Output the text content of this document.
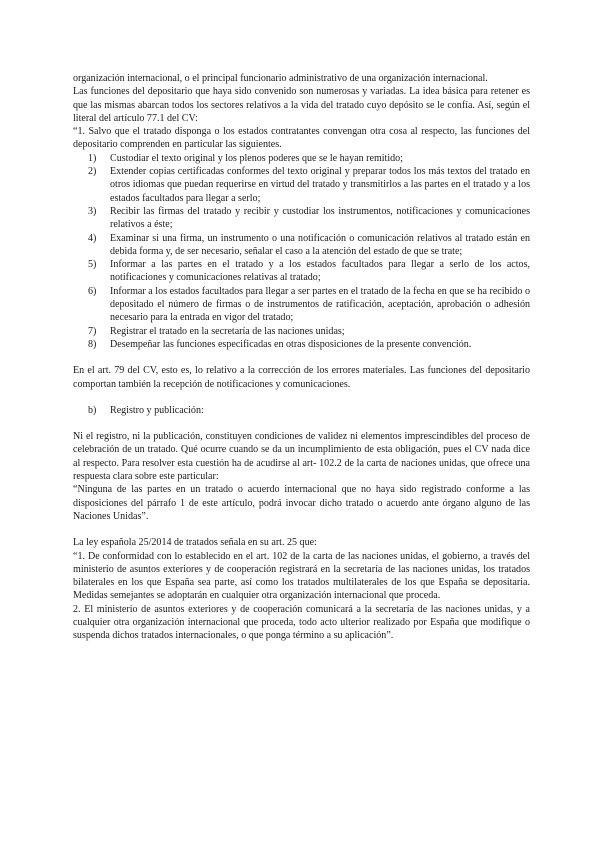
organización internacional, o el principal funcionario administrativo de una organización internacional.

Las funciones del depositario que haya sido convenido son numerosas y variadas. La idea básica para retener es que las mismas abarcan todos los sectores relativos a la vida del tratado cuyo depósito se le confía. Así, según el literal del artículo 77.1 del CV:

“1. Salvo que el tratado disponga o los estados contratantes convengan otra cosa al respecto, las funciones del depositario comprenden en particular las siguientes.

1) Custodiar el texto original y los plenos poderes que se le hayan remitido;
2) Extender copias certificadas conformes del texto original y preparar todos los más textos del tratado en otros idiomas que puedan requerirse en virtud del tratado y transmitirlos a las partes en el tratado y a los estados facultados para llegar a serlo;
3) Recibir las firmas del tratado y recibir y custodiar los instrumentos, notificaciones y comunicaciones relativos a éste;
4) Examinar si una firma, un instrumento o una notificación o comunicación relativos al tratado están en debida forma y, de ser necesario, señalar el caso a la atención del estado de que se trate;
5) Informar a las partes en el tratado y a los estados facultados para llegar a serlo de los actos, notificaciones y comunicaciones relativas al tratado;
6) Informar a los estados facultados para llegar a ser partes en el tratado de la fecha en que se ha recibido o depositado el número de firmas o de instrumentos de ratificación, aceptación, aprobación o adhesión necesario para la entrada en vigor del tratado;
7) Registrar el tratado en la secretaría de las naciones unidas;
8) Desempeñar las funciones especificadas en otras disposiciones de la presente convención.

En el art. 79 del CV, esto es, lo relativo a la corrección de los errores materiales. Las funciones del depositario comportan también la recepción de notificaciones y comunicaciones.

b) Registro y publicación:

Ni el registro, ni la publicación, constituyen condiciones de validez ni elementos imprescindibles del proceso de celebración de un tratado. Qué ocurre cuando se da un incumplimiento de esta obligación, pues el CV nada dice al respecto. Para resolver esta cuestión ha de acudirse al art- 102.2 de la carta de naciones unidas, que ofrece una respuesta clara sobre este particular:

“Ninguna de las partes en un tratado o acuerdo internacional que no haya sido registrado conforme a las disposiciones del párrafo 1 de este artículo, podrá invocar dicho tratado o acuerdo ante órgano alguno de las Naciones Unidas”.

La ley española 25/2014 de tratados señala en su art. 25 que:

“1. De conformidad con lo establecido en el art. 102 de la carta de las naciones unidas, el gobierno, a través del ministerio de asuntos exteriores y de cooperación registrará en la secretaría de las naciones unidas, los tratados bilaterales en los que España sea parte, así como los tratados multilaterales de los que España se depositaria. Medidas semejantes se adoptarán en cualquier otra organización internacional que proceda.

2. El ministerio de asuntos exteriores y de cooperación comunicará a la secretaría de las naciones unidas, y a cualquier otra organización internacional que proceda, todo acto ulterior realizado por España que modifique o suspenda dichos tratados internacionales, o que ponga término a su aplicación”.
